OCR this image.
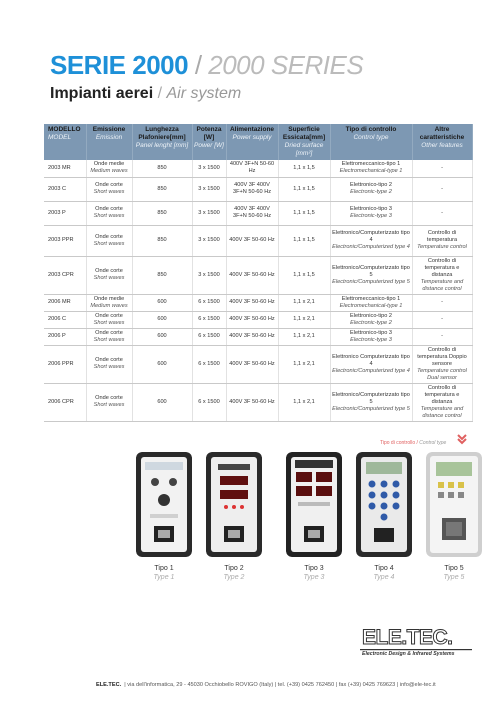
SERIE 2000 / 2000 SERIES
Impianti aerei / Air system
MODELLO
MODEL	Emissione
Emission	Lunghezza Plafoniere[mm]
Panel lenght [mm]	Potenza [W]
Power [W]	Alimentazione
Power supply	Superficie Essicata[mm]
Dried surface [mm²]	Tipo di controllo
Control type	Altre caratteristiche
Other features

2003 MR	Onde medie
Medium waves	850	3 x 1500	400V 3F+N 50-60 Hz	1,1 x 1,5	Elettromeccanico-tipo 1
Electromechanical-type 1	-

2003 C	Onde corte
Short waves	850	3 x 1500	400V 3F 400V 3F+N 50-60 Hz	1,1 x 1,5	Elettronico-tipo 2
Electronic-type 2	-

2003 P	Onde corte
Short waves	850	3 x 1500	400V 3F 400V 3F+N 50-60 Hz	1,1 x 1,5	Elettronico-tipo 3
Electronic-type 3	-

2003 PPR	Onde corte
Short waves	850	3 x 1500	400V 3F 50-60 Hz	1,1 x 1,5	Elettronico/Computerizzato tipo 4
Electronic/Computerized type 4	Controllo di temperatura
Temperature control

2003 CPR	Onde corte
Short waves	850	3 x 1500	400V 3F 50-60 Hz	1,1 x 1,5	Elettronico/Computerizzato tipo 5
Electronic/Computerized type 5	Controllo di temperatura e distanza
Temperature and distance control

2006 MR	Onde medie
Medium waves	600	6 x 1500	400V 3F 50-60 Hz	1,1 x 2,1	Elettromeccanico-tipo 1
Electromechanical-type 1	-

2006 C	Onde corte
Short waves	600	6 x 1500	400V 3F 50-60 Hz	1,1 x 2,1	Elettronico-tipo 2
Electronic-type 2	-

2006 P	Onde corte
Short waves	600	6 x 1500	400V 3F 50-60 Hz	1,1 x 2,1	Elettronico-tipo 3
Electronic-type 3	-

2006 PPR	Onde corte
Short waves	600	6 x 1500	400V 3F 50-60 Hz	1,1 x 2,1	Elettronico Computerizzato tipo 4
Electronic/Computerized type 4	Controllo di temperatura Doppio sensore
Temperature control Dual sensor

2006 CPR	Onde corte
Short waves	600	6 x 1500	400V 3F 50-60 Hz	1,1 x 2,1	Elettronico/Computerizzato tipo 5
Electronic/Computerized type 5	Controllo di temperatura e distanza
Temperature and distance control
Tipo di controllo / Control type
Tipo 1
Type 1
Tipo 2
Type 2
Tipo 3
Type 3
Tipo 4
Type 4
Tipo 5
Type 5
ELE.TEC.
Electronic Design & Infrared Systems
ELE.TEC. | via dell'informatica, 29 - 45030 Occhiobello ROVIGO (Italy) | tel. (+39) 0425 762450 | fax (+39) 0425 769623 | info@ele-tec.it
